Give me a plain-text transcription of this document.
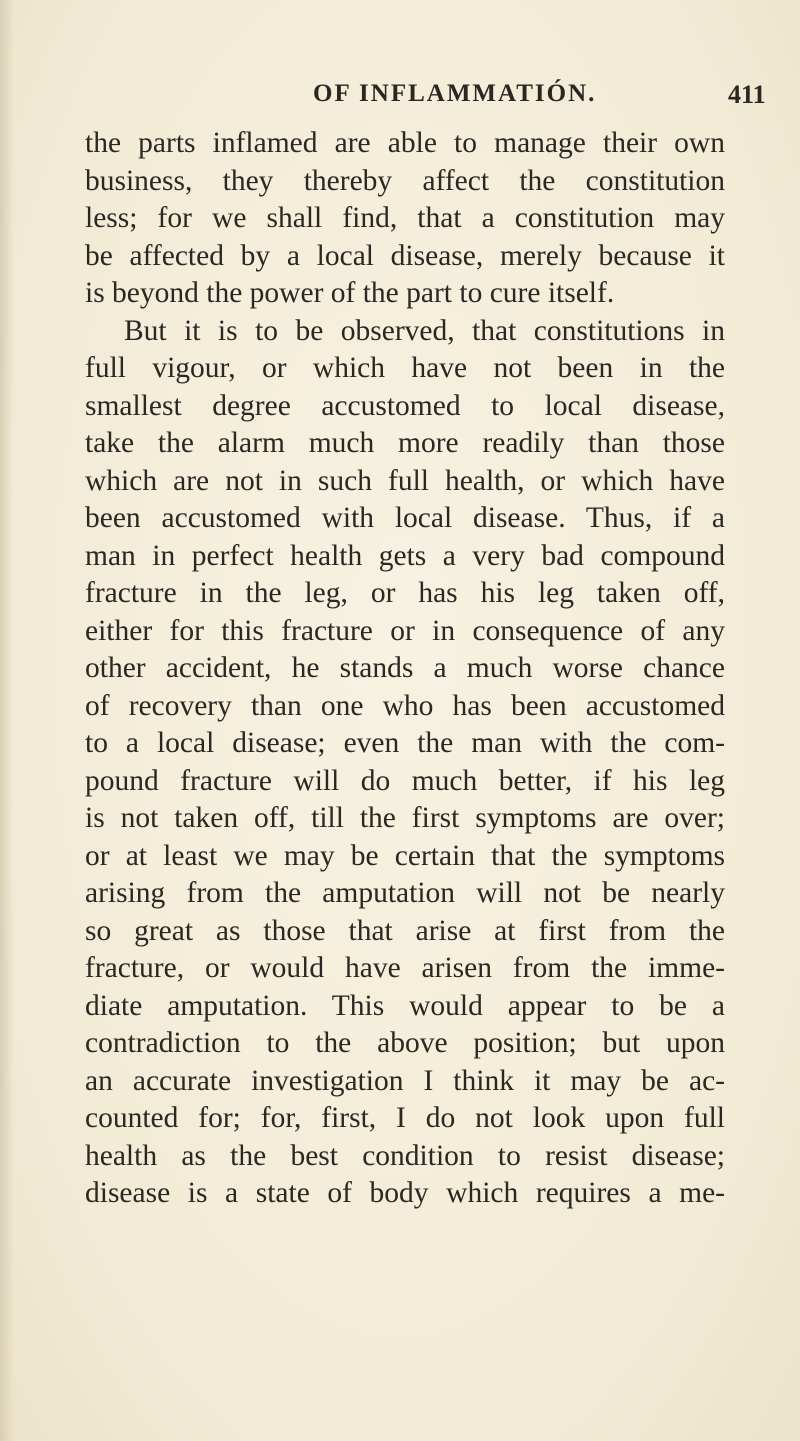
OF INFLAMMATIÓN.	411
the parts inflamed are able to manage their own
business, they thereby affect the constitution
less; for we shall find, that a constitution may
be affected by a local disease, merely because it
is beyond the power of the part to cure itself.
But it is to be observed, that constitutions in
full vigour, or which have not been in the
smallest degree accustomed to local disease,
take the alarm much more readily than those
which are not in such full health, or which have
been accustomed with local disease. Thus, if a
man in perfect health gets a very bad compound
fracture in the leg, or has his leg taken off,
either for this fracture or in consequence of any
other accident, he stands a much worse chance
of recovery than one who has been accustomed
to a local disease; even the man with the com-
pound fracture will do much better, if his leg
is not taken off, till the first symptoms are over;
or at least we may be certain that the symptoms
arising from the amputation will not be nearly
so great as those that arise at first from the
fracture, or would have arisen from the imme-
diate amputation. This would appear to be a
contradiction to the above position; but upon
an accurate investigation I think it may be ac-
counted for; for, first, I do not look upon full
health as the best condition to resist disease;
disease is a state of body which requires a me-
